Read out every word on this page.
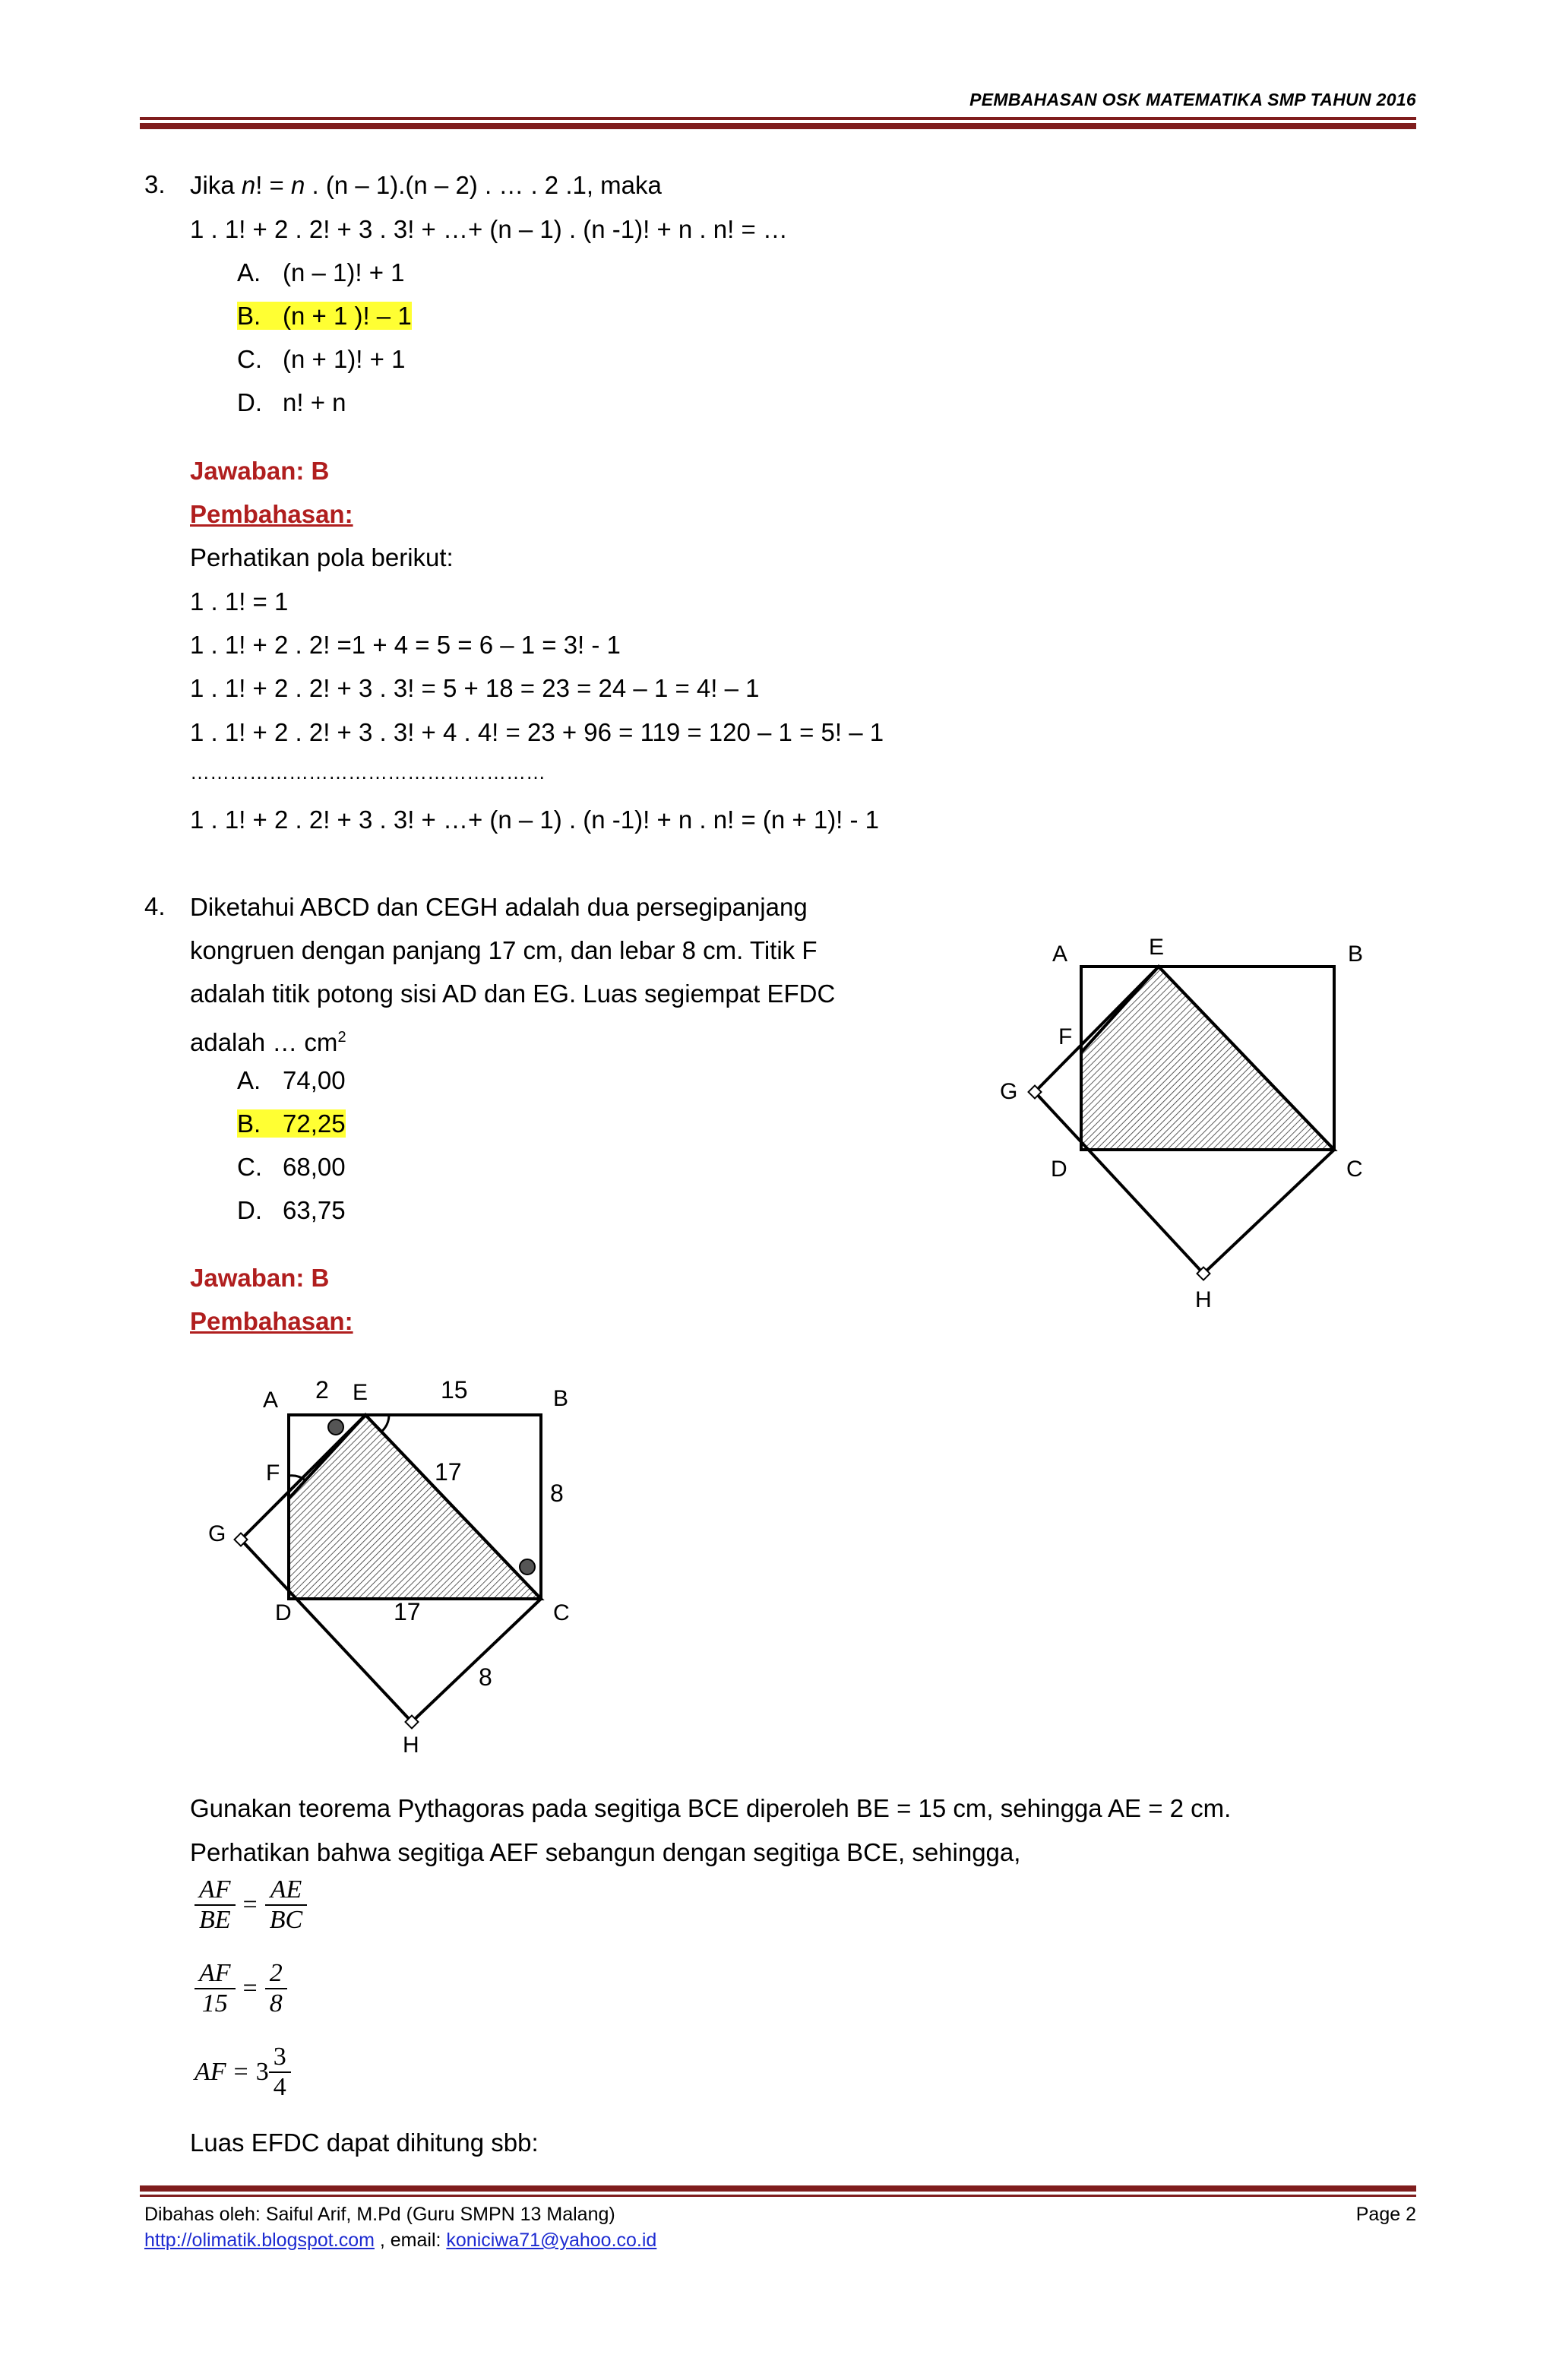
PEMBAHASAN OSK MATEMATIKA SMP TAHUN 2016
3. Jika n! = n . (n – 1).(n – 2) . … . 2 .1, maka
1 . 1! + 2 . 2! + 3 . 3! + …+ (n – 1) . (n -1)! + n . n! = …
A. (n – 1)! + 1
B. (n + 1 )! – 1
C. (n + 1)! + 1
D. n! + n
Jawaban: B
Pembahasan:
Perhatikan pola berikut:
1 . 1! = 1
1 . 1! + 2 . 2! =1 + 4 = 5 = 6 – 1 = 3! - 1
1 . 1! + 2 . 2! + 3 . 3! = 5 + 18 = 23 = 24 – 1 = 4! – 1
1 . 1! + 2 . 2! + 3 . 3! + 4 . 4! = 23 + 96 = 119 = 120 – 1 = 5! – 1
………………………………………………
1 . 1! + 2 . 2! + 3 . 3! + …+ (n – 1) . (n -1)! + n . n! = (n + 1)! - 1
4. Diketahui ABCD dan CEGH adalah dua persegipanjang
kongruen dengan panjang 17 cm, dan lebar 8 cm. Titik F
adalah titik potong sisi AD dan EG. Luas segiempat EFDC
adalah … $cm^2$
A. 74,00
B. 72,25
C. 68,00
D. 63,75
A	E	B
F
G
D	C
H
Jawaban: B
Pembahasan:
A 2 E	15	B
F	17
8
G
D	17	C
8
H
Gunakan teorema Pythagoras pada segitiga BCE diperoleh BE = 15 cm, sehingga AE = 2 cm.
Perhatikan bahwa segitiga AEF sebangun dengan segitiga BCE, sehingga,
$\frac{AF}{BE} = \frac{AE}{BC}$
$\frac{AF}{15} = \frac{2}{8}$
AF = $3 \frac{3}{4}$
Luas EFDC dapat dihitung sbb:
Dibahas oleh: Saiful Arif, M.Pd (Guru SMPN 13 Malang)	Page 2
http://olimatik.blogspot.com , email: koniciwa71@yahoo.co.id
